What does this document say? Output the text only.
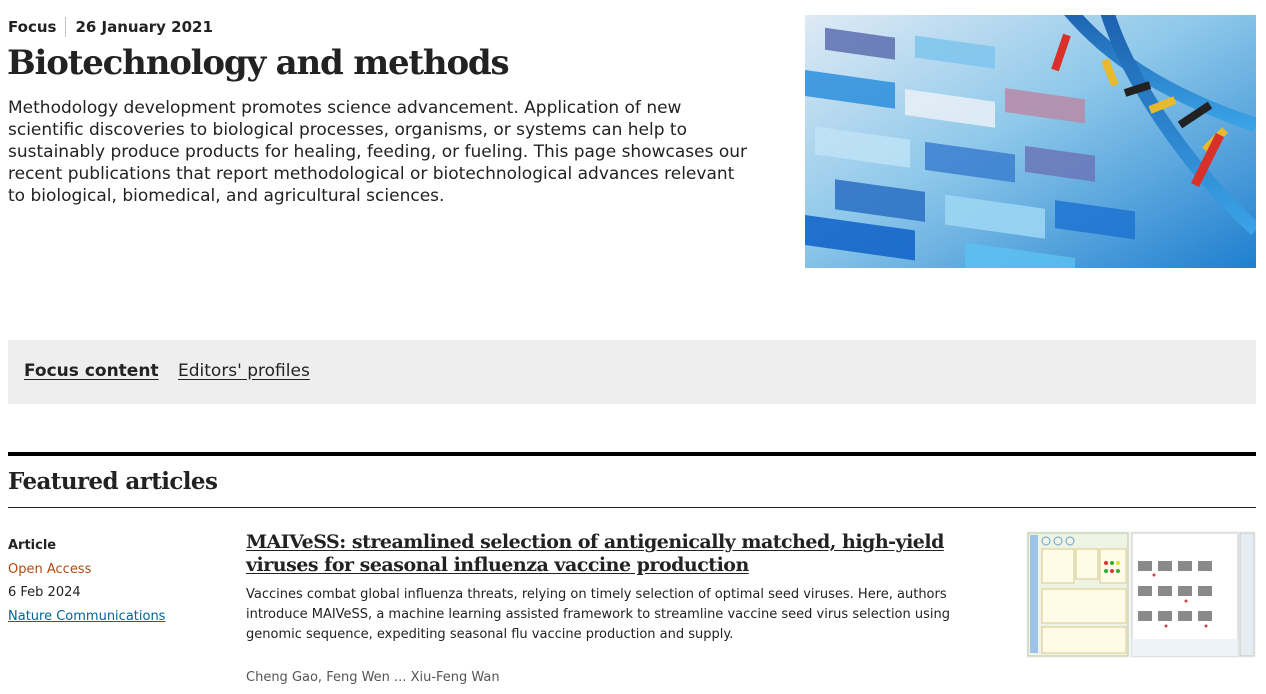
Focus	26 January 2021
Biotechnology and methods

Methodology development promotes science advancement. Application of new scientific discoveries to biological processes, organisms, or systems can help to sustainably produce products for healing, feeding, or fueling. This page showcases our recent publications that report methodological or biotechnological advances relevant to biological, biomedical, and agricultural sciences.

Focus content Editors' profiles
Featured articles
Article
Open Access
6 Feb 2024
Nature Communications
MAIVeSS: streamlined selection of antigenically matched, high-yield viruses for seasonal influenza vaccine production

Vaccines combat global influenza threats, relying on timely selection of optimal seed viruses. Here, authors introduce MAIVeSS, a machine learning assisted framework to streamline vaccine seed virus selection using genomic sequence, expediting seasonal flu vaccine production and supply.

Cheng Gao, Feng Wen ... Xiu-Feng Wan
